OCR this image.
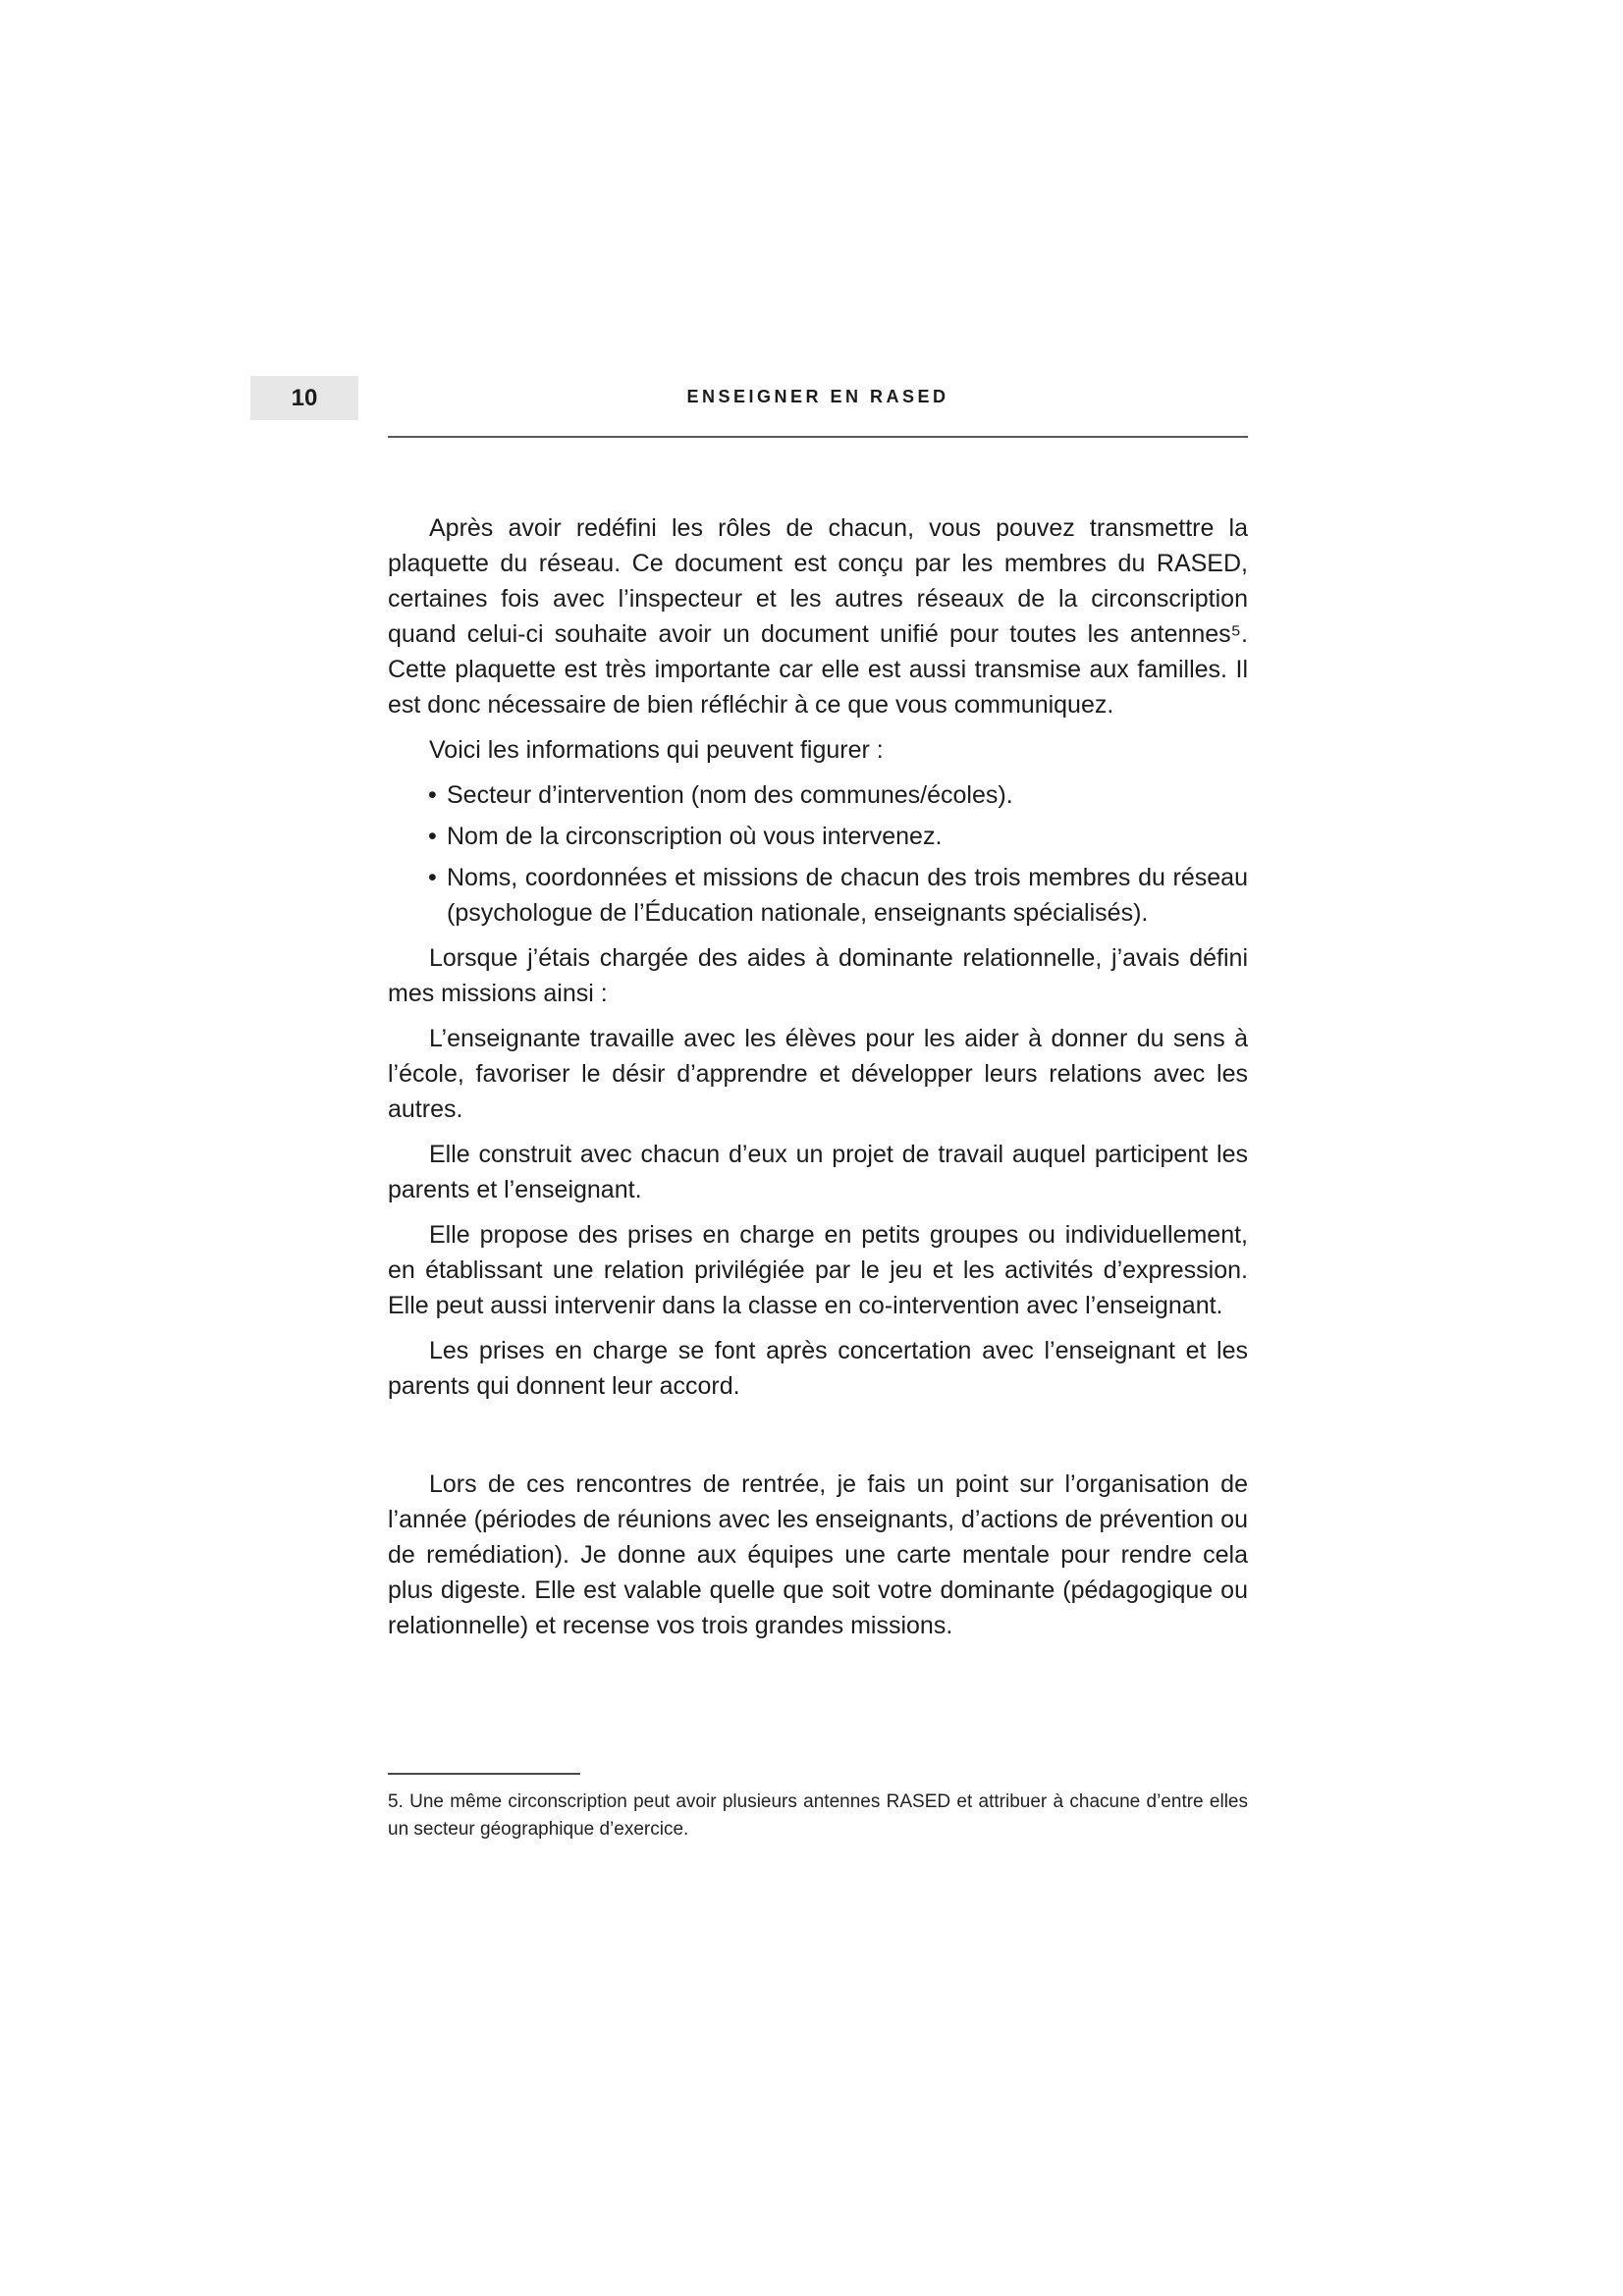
10	ENSEIGNER EN RASED

Après avoir redéfini les rôles de chacun, vous pouvez transmettre la plaquette du réseau. Ce document est conçu par les membres du RASED, certaines fois avec l’inspecteur et les autres réseaux de la circonscription quand celui-ci souhaite avoir un document unifié pour toutes les antennes⁵. Cette plaquette est très importante car elle est aussi transmise aux familles. Il est donc nécessaire de bien réfléchir à ce que vous communiquez.

Voici les informations qui peuvent figurer :

• Secteur d’intervention (nom des communes/écoles).
• Nom de la circonscription où vous intervenez.
• Noms, coordonnées et missions de chacun des trois membres du réseau (psychologue de l’Éducation nationale, enseignants spécialisés).

Lorsque j’étais chargée des aides à dominante relationnelle, j’avais défini mes missions ainsi :

L’enseignante travaille avec les élèves pour les aider à donner du sens à l’école, favoriser le désir d’apprendre et développer leurs relations avec les autres.

Elle construit avec chacun d’eux un projet de travail auquel participent les parents et l’enseignant.

Elle propose des prises en charge en petits groupes ou individuellement, en établissant une relation privilégiée par le jeu et les activités d’expression. Elle peut aussi intervenir dans la classe en co-intervention avec l’enseignant.

Les prises en charge se font après concertation avec l’enseignant et les parents qui donnent leur accord.

Lors de ces rencontres de rentrée, je fais un point sur l’organisation de l’année (périodes de réunions avec les enseignants, d’actions de prévention ou de remédiation). Je donne aux équipes une carte mentale pour rendre cela plus digeste. Elle est valable quelle que soit votre dominante (pédagogique ou relationnelle) et recense vos trois grandes missions.

5. Une même circonscription peut avoir plusieurs antennes RASED et attribuer à chacune d’entre elles un secteur géographique d’exercice.
